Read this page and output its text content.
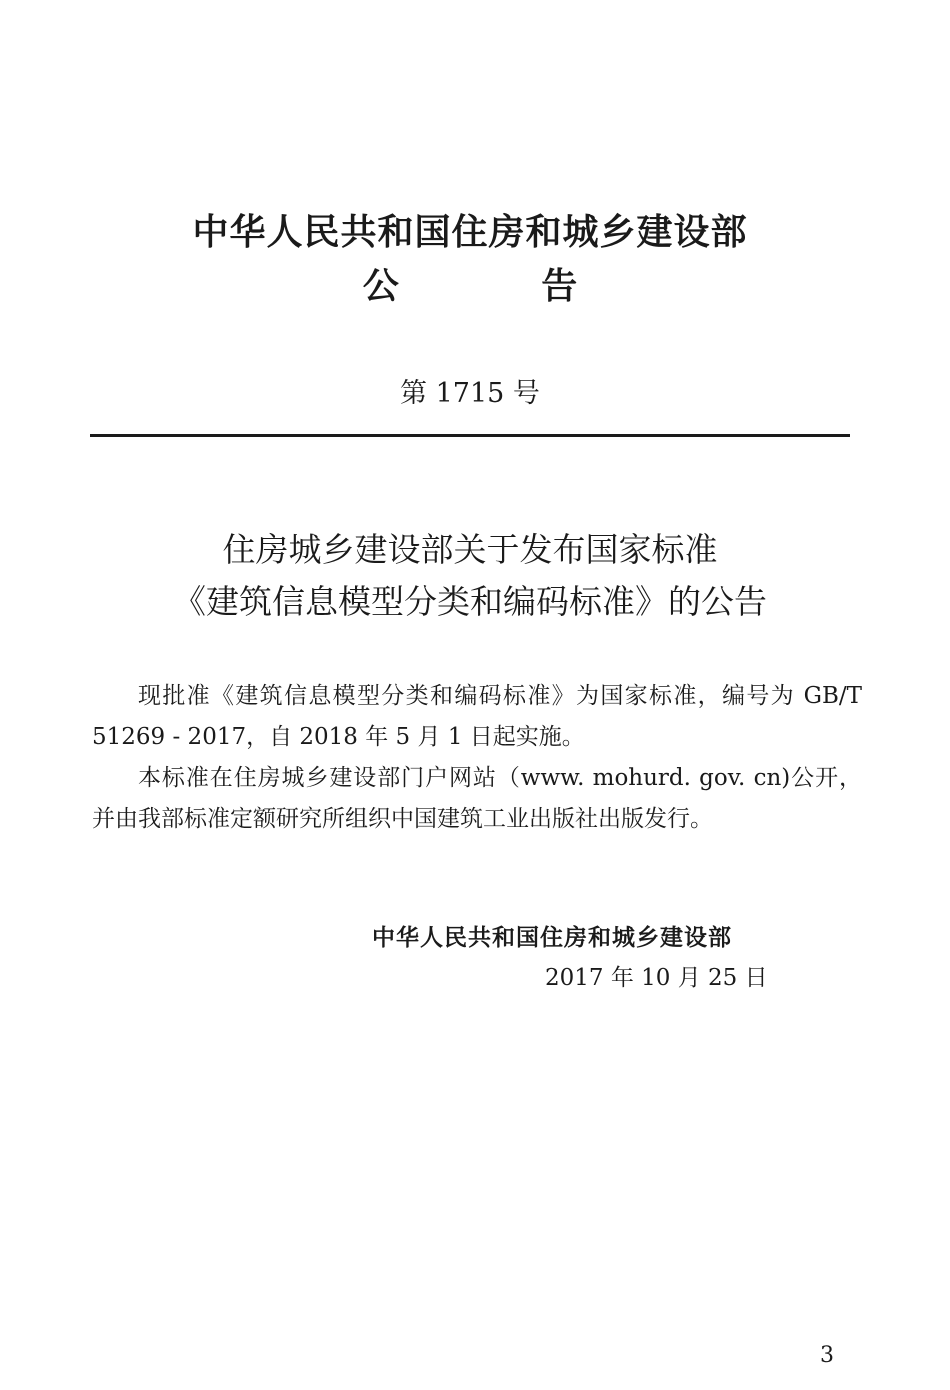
中华人民共和国住房和城乡建设部
公 告
第 1715 号
住房城乡建设部关于发布国家标准
《建筑信息模型分类和编码标准》的公告

现批准《建筑信息模型分类和编码标准》为国家标准，编号为 GB/T 51269 - 2017，自 2018 年 5 月 1 日起实施。

本标准在住房城乡建设部门户网站（www. mohurd. gov. cn)公开，并由我部标准定额研究所组织中国建筑工业出版社出版发行。

中华人民共和国住房和城乡建设部
2017 年 10 月 25 日
3
